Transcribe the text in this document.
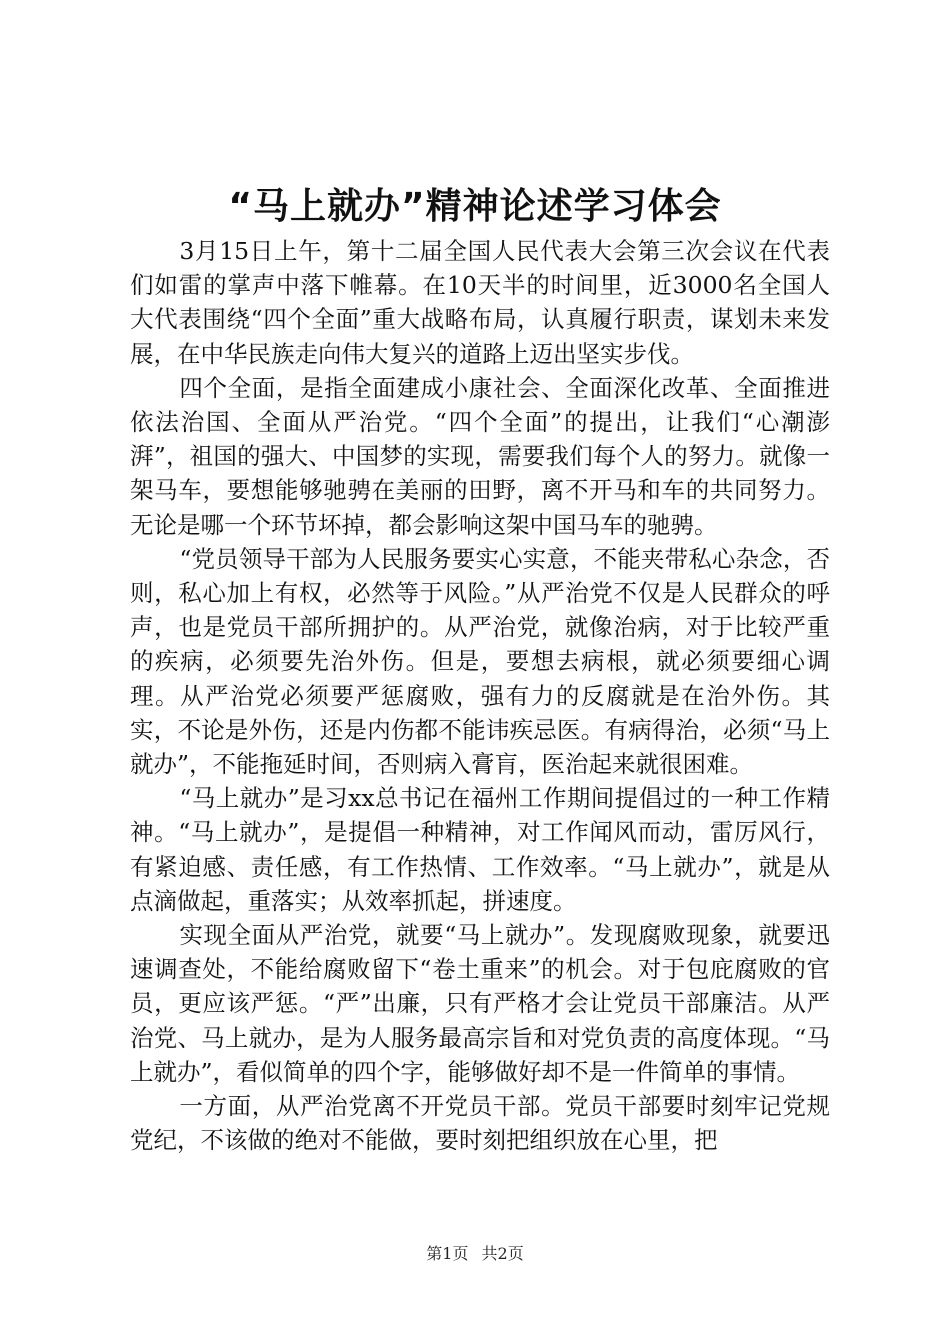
“马上就办”精神论述学习体会

3月15日上午，第十二届全国人民代表大会第三次会议在代表们如雷的掌声中落下帷幕。在10天半的时间里，近3000名全国人大代表围绕“四个全面”重大战略布局，认真履行职责，谋划未来发展，在中华民族走向伟大复兴的道路上迈出坚实步伐。

四个全面，是指全面建成小康社会、全面深化改革、全面推进依法治国、全面从严治党。“四个全面”的提出，让我们“心潮澎湃”，祖国的强大、中国梦的实现，需要我们每个人的努力。就像一架马车，要想能够驰骋在美丽的田野，离不开马和车的共同努力。无论是哪一个环节坏掉，都会影响这架中国马车的驰骋。

“党员领导干部为人民服务要实心实意，不能夹带私心杂念，否则，私心加上有权，必然等于风险。”从严治党不仅是人民群众的呼声，也是党员干部所拥护的。从严治党，就像治病，对于比较严重的疾病，必须要先治外伤。但是，要想去病根，就必须要细心调理。从严治党必须要严惩腐败，强有力的反腐就是在治外伤。其实，不论是外伤，还是内伤都不能讳疾忌医。有病得治，必须“马上就办”，不能拖延时间，否则病入膏肓，医治起来就很困难。

“马上就办”是习xx总书记在福州工作期间提倡过的一种工作精神。“马上就办”，是提倡一种精神，对工作闻风而动，雷厉风行，有紧迫感、责任感，有工作热情、工作效率。“马上就办”，就是从点滴做起，重落实；从效率抓起，拼速度。

实现全面从严治党，就要“马上就办”。发现腐败现象，就要迅速调查处，不能给腐败留下“卷土重来”的机会。对于包庇腐败的官员，更应该严惩。“严”出廉，只有严格才会让党员干部廉洁。从严治党、马上就办，是为人服务最高宗旨和对党负责的高度体现。“马上就办”，看似简单的四个字，能够做好却不是一件简单的事情。

一方面，从严治党离不开党员干部。党员干部要时刻牢记党规党纪，不该做的绝对不能做，要时刻把组织放在心里，把

第1页 共2页
